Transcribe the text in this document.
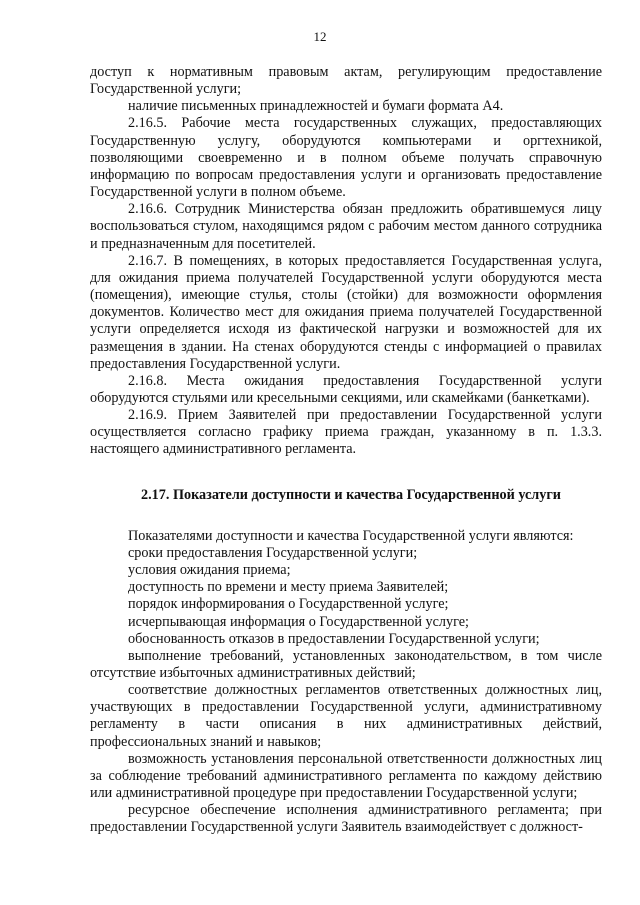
12

доступ к нормативным правовым актам, регулирующим предоставление Государственной услуги;

наличие письменных принадлежностей и бумаги формата А4.

2.16.5. Рабочие места государственных служащих, предоставляющих Государственную услугу, оборудуются компьютерами и оргтехникой, позволяющими своевременно и в полном объеме получать справочную информацию по вопросам предоставления услуги и организовать предоставление Государственной услуги в полном объеме.

2.16.6. Сотрудник Министерства обязан предложить обратившемуся лицу воспользоваться стулом, находящимся рядом с рабочим местом данного сотрудника и предназначенным для посетителей.

2.16.7. В помещениях, в которых предоставляется Государственная услуга, для ожидания приема получателей Государственной услуги оборудуются места (помещения), имеющие стулья, столы (стойки) для возможности оформления документов. Количество мест для ожидания приема получателей Государственной услуги определяется исходя из фактической нагрузки и возможностей для их размещения в здании. На стенах оборудуются стенды с информацией о правилах предоставления Государственной услуги.

2.16.8. Места ожидания предоставления Государственной услуги оборудуются стульями или кресельными секциями, или скамейками (банкетками).

2.16.9. Прием Заявителей при предоставлении Государственной услуги осуществляется согласно графику приема граждан, указанному в п. 1.3.3. настоящего административного регламента.

2.17. Показатели доступности и качества Государственной услуги

Показателями доступности и качества Государственной услуги являются:

сроки предоставления Государственной услуги;

условия ожидания приема;

доступность по времени и месту приема Заявителей;

порядок информирования о Государственной услуге;

исчерпывающая информация о Государственной услуге;

обоснованность отказов в предоставлении Государственной услуги;

выполнение требований, установленных законодательством, в том числе отсутствие избыточных административных действий;

соответствие должностных регламентов ответственных должностных лиц, участвующих в предоставлении Государственной услуги, административному регламенту в части описания в них административных действий, профессиональных знаний и навыков;

возможность установления персональной ответственности должностных лиц за соблюдение требований административного регламента по каждому действию или административной процедуре при предоставлении Государственной услуги;

ресурсное обеспечение исполнения административного регламента; при предоставлении Государственной услуги Заявитель взаимодействует с должност-
